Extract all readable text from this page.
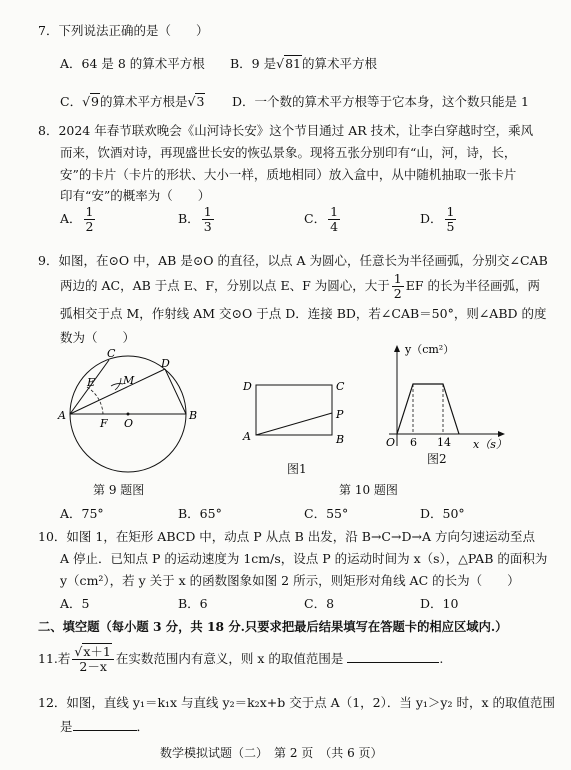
7．下列说法正确的是（　　）
A．64 是 8 的算术平方根 B．9 是√81的算术平方根
C．√9的算术平方根是√3 D．一个数的算术平方根等于它本身，这个数只能是 1
8．2024 年春节联欢晚会《山河诗长安》这个节目通过 AR 技术，让李白穿越时空，乘风
而来，饮酒对诗，再现盛世长安的恢弘景象。现将五张分别印有“山，河，诗，长，
安”的卡片（卡片的形状、大小一样，质地相同）放入盒中，从中随机抽取一张卡片
印有“安”的概率为（　　）
A． $\frac{1}{2}$	B． $\frac{1}{3}$	C． $\frac{1}{4}$	D． $\frac{1}{5}$
9．如图，在⊙O 中，AB 是⊙O 的直径，以点 A 为圆心，任意长为半径画弧，分别交∠CAB
两边的 AC，AB 于点 E、F，分别以点 E、F 为圆心，大于 $\frac{1}{2}$ EF 的长为半径画弧，两
弧相交于点 M，作射线 AM 交⊙O 于点 D．连接 BD，若∠CAB＝50°，则∠ABD 的度
数为（　　）
A	B
C
D
E
F
M
O
D	C
A	B
P
图1
y（cm²）
x（s）
O 6 14
图2
第 9 题图	第 10 题图
A．75°	B．65°	C．55°	D．50°
10．如图 1，在矩形 ABCD 中，动点 P 从点 B 出发，沿 B→C→D→A 方向匀速运动至点
A 停止．已知点 P 的运动速度为 1cm/s，设点 P 的运动时间为 x（s），△PAB 的面积为
y（cm²），若 y 关于 x 的函数图象如图 2 所示，则矩形对角线 AC 的长为（　　）
A．5	B．6	C．8	D．10
二、填空题（每小题 3 分，共 18 分.只要求把最后结果填写在答题卡的相应区域内.）
11.若 $\frac{√x+1}{2-x}$ 在实数范围内有意义，则 x 的取值范围是	.
12．如图，直线 y₁＝k₁x 与直线 y₂＝k₂x+b 交于点 A（1，2）．当 y₁＞y₂ 时，x 的取值范围
是	．
数学模拟试题（二）　第 2 页　（共 6 页）
